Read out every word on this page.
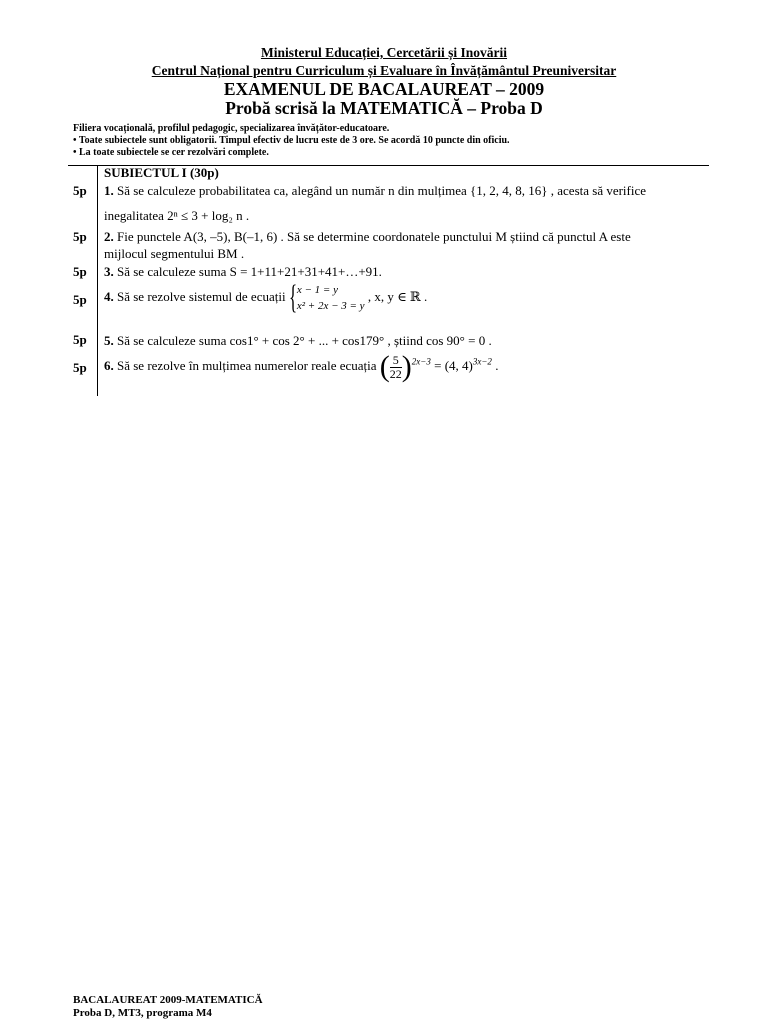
Ministerul Educației, Cercetării și Inovării
Centrul Național pentru Curriculum și Evaluare în Învățământul Preuniversitar
EXAMENUL DE BACALAUREAT – 2009
Probă scrisă la MATEMATICĂ – Proba D
Filiera vocațională, profilul pedagogic, specializarea învățător-educatoare.
• Toate subiectele sunt obligatorii. Timpul efectiv de lucru este de 3 ore. Se acordă 10 puncte din oficiu.
• La toate subiectele se cer rezolvări complete.
SUBIECTUL I (30p)
5p 1. Să se calculeze probabilitatea ca, alegând un număr n din mulțimea {1, 2, 4, 8, 16} , acesta să verifice
inegalitatea 2ⁿ ≤ 3 + log₂ n .
5p 2. Fie punctele A(3, –5), B(–1, 6) . Să se determine coordonatele punctului M știind că punctul A este
mijlocul segmentului BM .
5p 3. Să se calculeze suma S = 1+11+21+31+41+…+91.
5p 4. Să se rezolve sistemul de ecuații { x − 1 = y
x² + 2x − 3 = y
, x, y ∈ ℝ .
5p 5. Să se calculeze suma cos1° + cos 2° + ... + cos179° , știind cos 90° = 0 .
5p 6. Să se rezolve în mulțimea numerelor reale ecuația ( $\frac{5}{22} )^{2x-3} = (4$, 4)$^{3x-2}$ .
BACALAUREAT 2009-MATEMATICĂ
Proba D, MT3, programa M4
